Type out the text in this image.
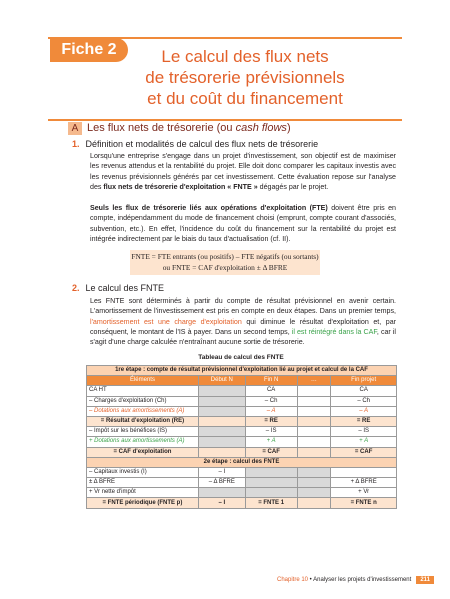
Fiche 2	Le calcul des flux nets
de trésorerie prévisionnels
et du coût du financement
A Les flux nets de trésorerie (ou cash flows)
1. Définition et modalités de calcul des flux nets de trésorerie
Lorsqu'une entreprise s'engage dans un projet d'investissement, son objectif est de maximiser les revenus attendus et la rentabilité du projet. Elle doit donc comparer les capitaux investis avec les revenus prévisionnels générés par cet investissement. Cette évaluation repose sur l'analyse des flux nets de trésorerie d'exploitation « FNTE » dégagés par le projet.
Seuls les flux de trésorerie liés aux opérations d'exploitation (FTE) doivent être pris en compte, indépendamment du mode de financement choisi (emprunt, compte courant d'associés, subvention, etc.). En effet, l'incidence du coût du financement sur la rentabilité du projet est intégrée indirectement par le biais du taux d'actualisation (cf. II).
FNTE = FTE entrants (ou positifs) – FTE négatifs (ou sortants)
ou FNTE = CAF d'exploitation ± Δ BFRE
2. Le calcul des FNTE
Les FNTE sont déterminés à partir du compte de résultat prévisionnel en avenir certain. L'amortissement de l'investissement est pris en compte en deux étapes. Dans un premier temps, l'amortissement est une charge d'exploitation qui diminue le résultat d'exploitation et, par conséquent, le montant de l'IS à payer. Dans un second temps, il est réintégré dans la CAF, car il s'agit d'une charge calculée n'entraînant aucune sortie de trésorerie.
Tableau de calcul des FNTE
1re étape : compte de résultat prévisionnel d'exploitation lié au projet et calcul de la CAF				
Éléments	Début N	Fin N	…	Fin projet
CA HT		CA		CA
– Charges d'exploitation (Ch)		– Ch		– Ch
– Dotations aux amortissements (A)		– A		– A
= Résultat d'exploitation (RE)		= RE		= RE
– Impôt sur les bénéfices (IS)		– IS		– IS
+ Dotations aux amortissements (A)		+ A		+ A
= CAF d'exploitation		= CAF		= CAF
2e étape : calcul des FNTE				
– Capitaux investis (I)	– I			
± Δ BFRE	– Δ BFRE			+ Δ BFRE
+ Vr nette d'impôt				+ Vr
= FNTE périodique (FNTE p)	– I	= FNTE 1		= FNTE n
Chapitre 10 • Analyser les projets d'investissement 211
